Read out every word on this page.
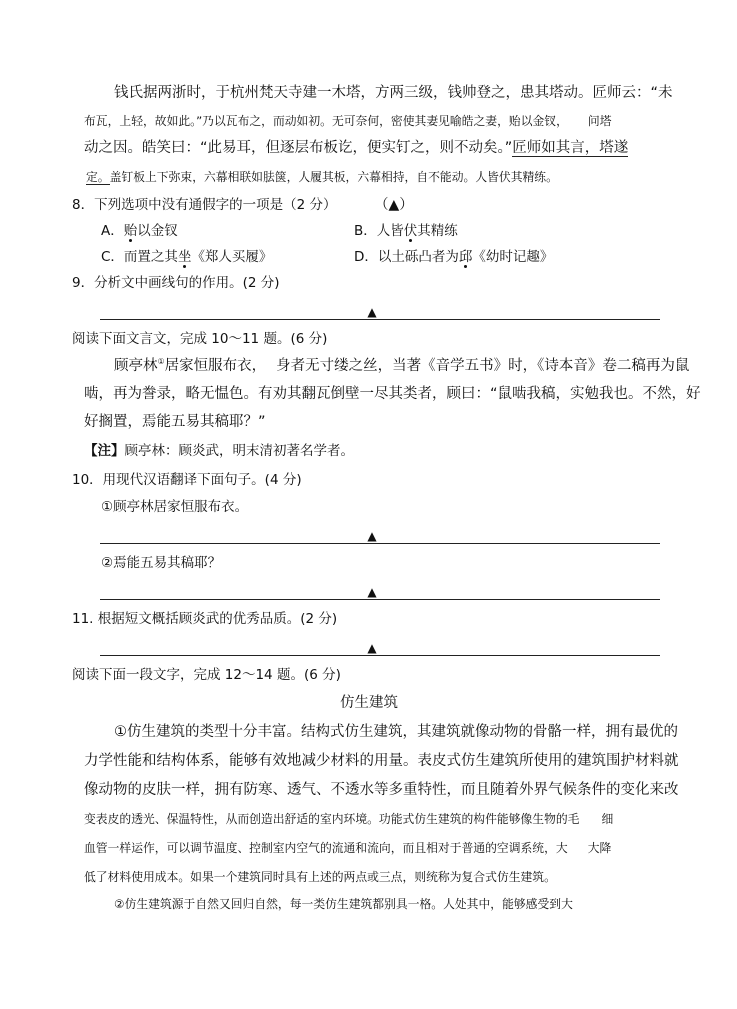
钱氏据两浙时，于杭州梵天寺建一木塔，方两三级，钱帅登之，患其塔动。匠师云：“未
布瓦，上轻，故如此。”乃以瓦布之，而动如初。无可奈何，密使其妻见喻皓之妻，贻以金钗， 问塔
动之因。皓笑曰：“此易耳，但逐层布板讫，便实钉之，则不动矣。”匠师如其言，塔遂
定。盖钉板上下弥束，六幕相联如胠箧，人履其板，六幕相持，自不能动。人皆伏其精练。
8．下列选项中没有通假字的一项是（2 分）	（▲）
A．贻以金钗	B．人皆伏其精练
C．而置之其坐《郑人买履》	D．以土砾凸者为邱《幼时记趣》
9．分析文中画线句的作用。(2 分)
▲
阅读下面文言文，完成 10～11 题。(6 分)
顾亭林①居家恒服布衣， 身者无寸缕之丝，当著《音学五书》时，《诗本音》卷二稿再为鼠
啮，再为誊录，略无愠色。有劝其翻瓦倒壁一尽其类者，顾曰：“鼠啮我稿，实勉我也。不然，好
好搁置，焉能五易其稿耶？”
【注】顾亭林：顾炎武，明末清初著名学者。
10．用现代汉语翻译下面句子。(4 分)
①顾亭林居家恒服布衣。
▲
②焉能五易其稿耶？
▲
11. 根据短文概括顾炎武的优秀品质。(2 分)
▲
阅读下面一段文字，完成 12～14 题。(6 分)
仿生建筑
①仿生建筑的类型十分丰富。结构式仿生建筑，其建筑就像动物的骨骼一样，拥有最优的
力学性能和结构体系，能够有效地减少材料的用量。表皮式仿生建筑所使用的建筑围护材料就
像动物的皮肤一样，拥有防寒、透气、不透水等多重特性，而且随着外界气候条件的变化来改
变表皮的透光、保温特性，从而创造出舒适的室内环境。功能式仿生建筑的构件能够像生物的毛 细
血管一样运作，可以调节温度、控制室内空气的流通和流向，而且相对于普通的空调系统，大 大降
低了材料使用成本。如果一个建筑同时具有上述的两点或三点，则统称为复合式仿生建筑。
②仿生建筑源于自然又回归自然，每一类仿生建筑都别具一格。人处其中，能够感受到大
